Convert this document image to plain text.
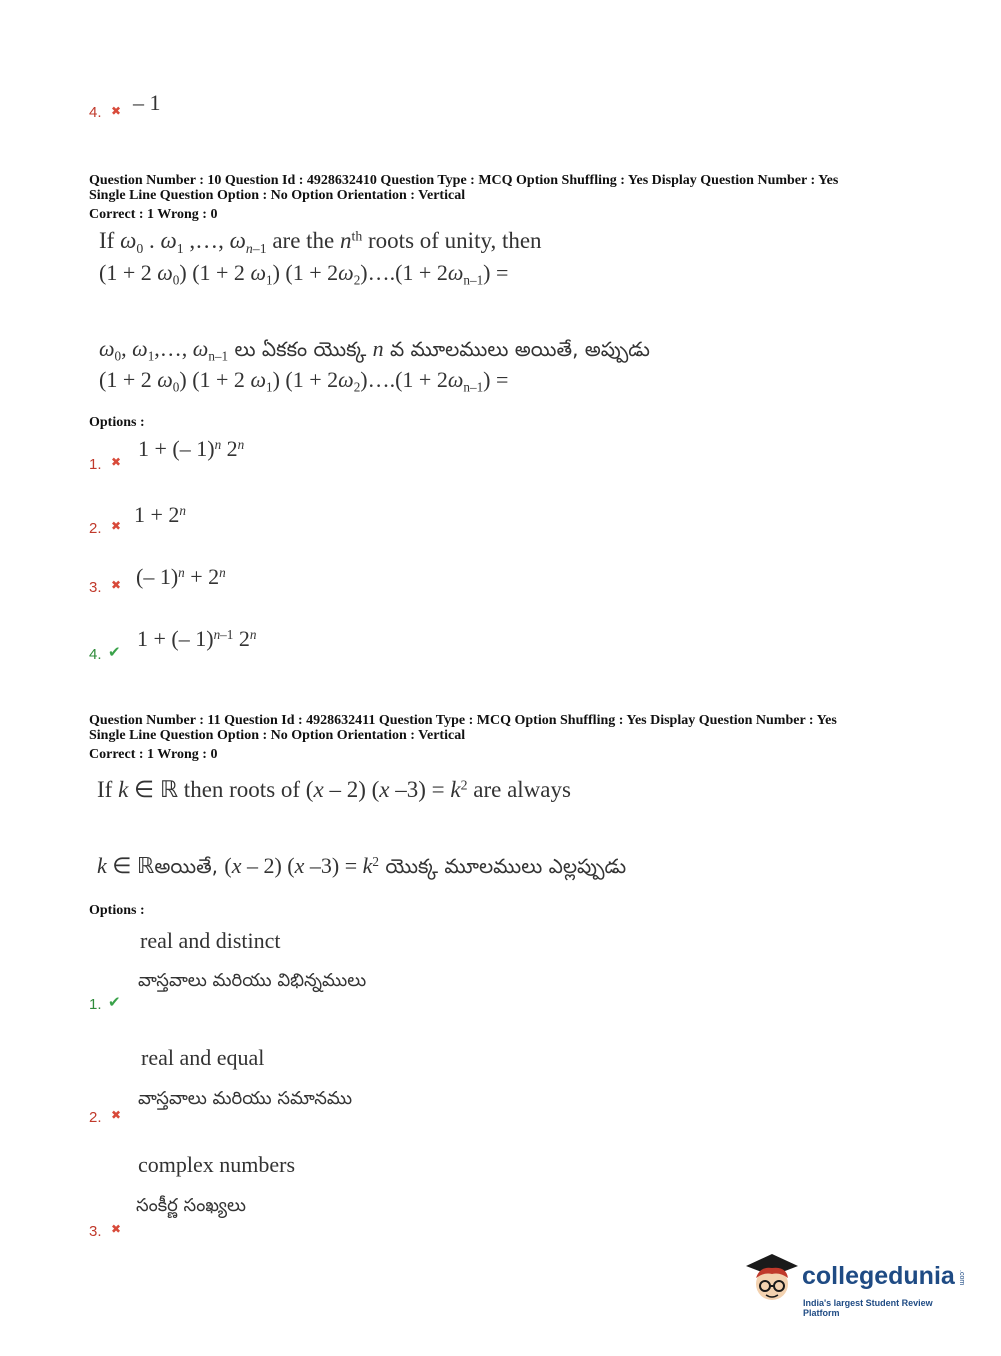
4. ✖ – 1
Question Number : 10 Question Id : 4928632410 Question Type : MCQ Option Shuffling : Yes Display Question Number : Yes
Single Line Question Option : No Option Orientation : Vertical
Correct : 1 Wrong : 0
If $\omega_0$ . $\omega_1$ ,…, $\omega_{n-1}$ are the $n^{th}$ roots of unity, then
(1 + 2 $\omega_0$) (1 + 2 $\omega_1$) $(1 + 2\omega_2)\dots.(1 + 2\omega_{n-1})$ =
$\omega_0$, $\omega_1,\dots$, $\omega_{n-1}$ లు ఏకకం యొక్క n వ మూలములు అయితే, అప్పుడు
(1 + 2 $\omega_0$) (1 + 2 $\omega_1$) $(1 + 2\omega_2)\dots.(1 + 2\omega_{n-1})$ =
Options :
1. ✖
1 + (– 1)$^n$ 2$^n$
2. ✖ $1 + 2^n$
3. ✖ (– $1)^n + 2^n$
4. ✔
1 + (– 1)$^{n-1}$ 2$^n$
Question Number : 11 Question Id : 4928632411 Question Type : MCQ Option Shuffling : Yes Display Question Number : Yes
Single Line Question Option : No Option Orientation : Vertical
Correct : 1 Wrong : 0
If k ∈ ℝ then roots of (x – 2) (x $-3) = k^2$ are always
k ∈ ℝఅయితే, (x – 2) (x $-3) = k^2$ యొక్క మూలములు ఎల్లప్పుడు
Options :
real and distinct
వాస్తవాలు మరియు విభిన్నములు
1. ✔
real and equal
వాస్తవాలు మరియు సమానము
2. ✖
complex numbers
సంకీర్ణ సంఖ్యలు
3. ✖
collegedunia .com
India's largest Student Review Platform
